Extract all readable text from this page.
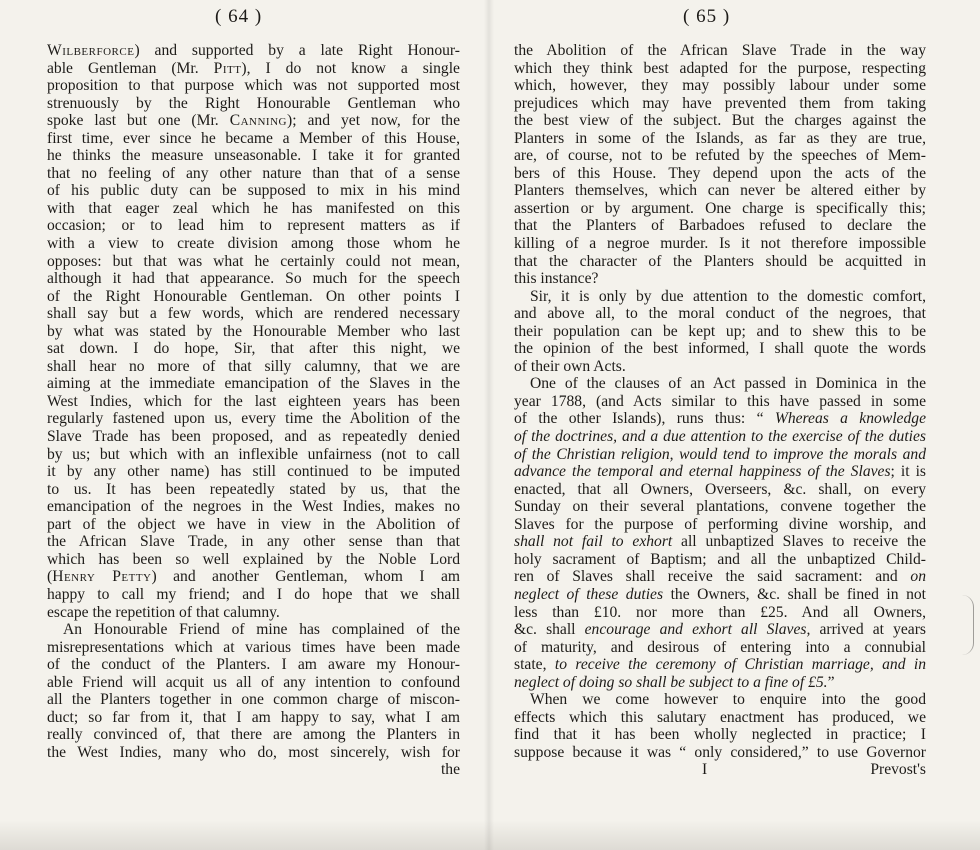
( 64 )
Wilberforce) and supported by a late Right Honour-
able Gentleman (Mr. Pitt), I do not know a single
proposition to that purpose which was not supported most
strenuously by the Right Honourable Gentleman who
spoke last but one (Mr. Canning); and yet now, for the
first time, ever since he became a Member of this House,
he thinks the measure unseasonable. I take it for granted
that no feeling of any other nature than that of a sense
of his public duty can be supposed to mix in his mind
with that eager zeal which he has manifested on this
occasion; or to lead him to represent matters as if
with a view to create division among those whom he
opposes: but that was what he certainly could not mean,
although it had that appearance. So much for the speech
of the Right Honourable Gentleman. On other points I
shall say but a few words, which are rendered necessary
by what was stated by the Honourable Member who last
sat down. I do hope, Sir, that after this night, we
shall hear no more of that silly calumny, that we are
aiming at the immediate emancipation of the Slaves in the
West Indies, which for the last eighteen years has been
regularly fastened upon us, every time the Abolition of the
Slave Trade has been proposed, and as repeatedly denied
by us; but which with an inflexible unfairness (not to call
it by any other name) has still continued to be imputed
to us. It has been repeatedly stated by us, that the
emancipation of the negroes in the West Indies, makes no
part of the object we have in view in the Abolition of
the African Slave Trade, in any other sense than that
which has been so well explained by the Noble Lord
(Henry Petty) and another Gentleman, whom I am
happy to call my friend; and I do hope that we shall
escape the repetition of that calumny.
An Honourable Friend of mine has complained of the
misrepresentations which at various times have been made
of the conduct of the Planters. I am aware my Honour-
able Friend will acquit us all of any intention to confound
all the Planters together in one common charge of miscon-
duct; so far from it, that I am happy to say, what I am
really convinced of, that there are among the Planters in
the West Indies, many who do, most sincerely, wish for
the
( 65 )
the Abolition of the African Slave Trade in the way
which they think best adapted for the purpose, respecting
which, however, they may possibly labour under some
prejudices which may have prevented them from taking
the best view of the subject. But the charges against the
Planters in some of the Islands, as far as they are true,
are, of course, not to be refuted by the speeches of Mem-
bers of this House. They depend upon the acts of the
Planters themselves, which can never be altered either by
assertion or by argument. One charge is specifically this;
that the Planters of Barbadoes refused to declare the
killing of a negroe murder. Is it not therefore impossible
that the character of the Planters should be acquitted in
this instance?
Sir, it is only by due attention to the domestic comfort,
and above all, to the moral conduct of the negroes, that
their population can be kept up; and to shew this to be
the opinion of the best informed, I shall quote the words
of their own Acts.
One of the clauses of an Act passed in Dominica in the
year 1788, (and Acts similar to this have passed in some
of the other Islands), runs thus: “ Whereas a knowledge
of the doctrines, and a due attention to the exercise of the duties
of the Christian religion, would tend to improve the morals and
advance the temporal and eternal happiness of the Slaves; it is
enacted, that all Owners, Overseers, &c. shall, on every
Sunday on their several plantations, convene together the
Slaves for the purpose of performing divine worship, and
shall not fail to exhort all unbaptized Slaves to receive the
holy sacrament of Baptism; and all the unbaptized Child-
ren of Slaves shall receive the said sacrament: and on
neglect of these duties the Owners, &c. shall be fined in not
less than £10. nor more than £25. And all Owners,
&c. shall encourage and exhort all Slaves, arrived at years
of maturity, and desirous of entering into a connubial
state, to receive the ceremony of Christian marriage, and in
neglect of doing so shall be subject to a fine of £5.”
When we come however to enquire into the good
effects which this salutary enactment has produced, we
find that it has been wholly neglected in practice; I
suppose because it was “ only considered,” to use Governor
I	Prevost's
